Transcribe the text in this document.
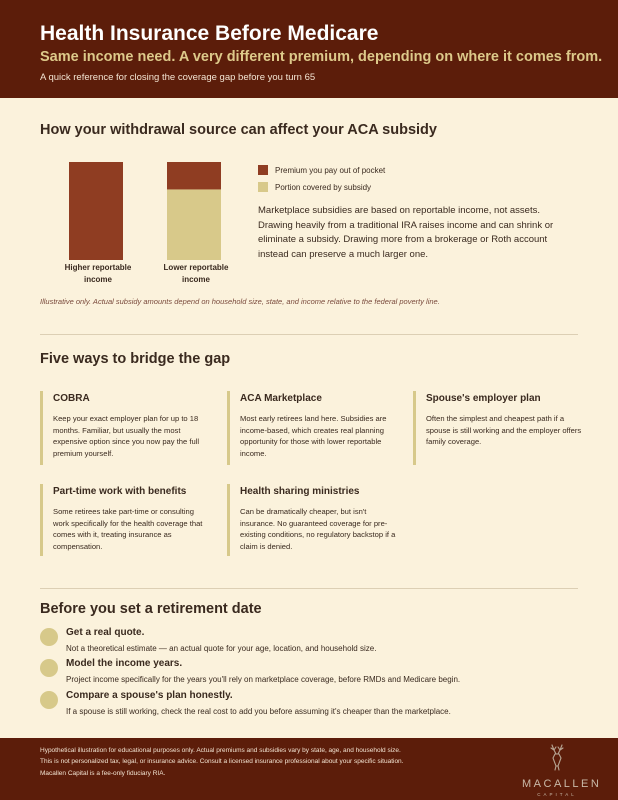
Health Insurance Before Medicare
Same income need. A very different premium, depending on where it comes from.
A quick reference for closing the coverage gap before you turn 65
How your withdrawal source can affect your ACA subsidy
Higher reportable income
Lower reportable income
Premium you pay out of pocket
Portion covered by subsidy
Marketplace subsidies are based on reportable income, not assets. Drawing heavily from a traditional IRA raises income and can shrink or eliminate a subsidy. Drawing more from a brokerage or Roth account instead can preserve a much larger one.
Illustrative only. Actual subsidy amounts depend on household size, state, and income relative to the federal poverty line.
Five ways to bridge the gap
COBRA
Keep your exact employer plan for up to 18 months. Familiar, but usually the most expensive option since you now pay the full premium yourself.
ACA Marketplace
Most early retirees land here. Subsidies are income-based, which creates real planning opportunity for those with lower reportable income.
Spouse's employer plan
Often the simplest and cheapest path if a spouse is still working and the employer offers family coverage.
Part-time work with benefits
Some retirees take part-time or consulting work specifically for the health coverage that comes with it, treating insurance as compensation.
Health sharing ministries
Can be dramatically cheaper, but isn't insurance. No guaranteed coverage for pre-existing conditions, no regulatory backstop if a claim is denied.
Before you set a retirement date
Get a real quote.
Not a theoretical estimate — an actual quote for your age, location, and household size.
Model the income years.
Project income specifically for the years you'll rely on marketplace coverage, before RMDs and Medicare begin.
Compare a spouse's plan honestly.
If a spouse is still working, check the real cost to add you before assuming it's cheaper than the marketplace.
Hypothetical illustration for educational purposes only. Actual premiums and subsidies vary by state, age, and household size.
This is not personalized tax, legal, or insurance advice. Consult a licensed insurance professional about your specific situation.
Macallen Capital is a fee-only fiduciary RIA.
MACALLEN
CAPITAL
